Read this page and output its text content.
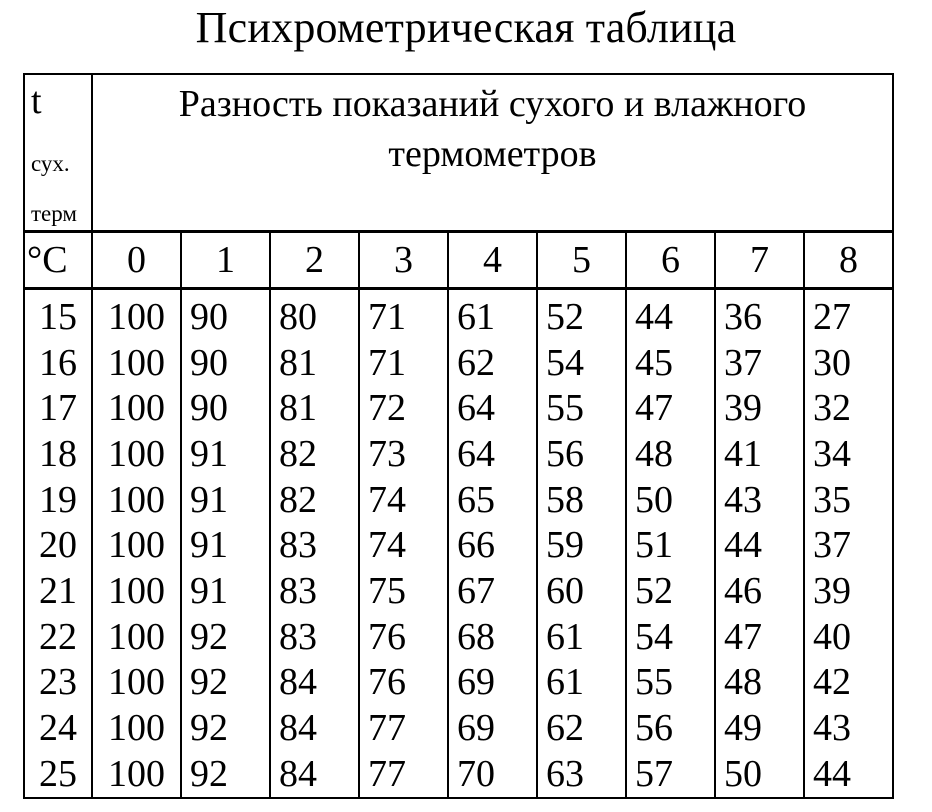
Психрометрическая таблица
t
сух.
терм	Разность показаний сухого и влажного термометров								
°C	0	1	2	3	4	5	6	7	8
15	100	90	80	71	61	52	44	36	27
16	100	90	81	71	62	54	45	37	30
17	100	90	81	72	64	55	47	39	32
18	100	91	82	73	64	56	48	41	34
19	100	91	82	74	65	58	50	43	35
20	100	91	83	74	66	59	51	44	37
21	100	91	83	75	67	60	52	46	39
22	100	92	83	76	68	61	54	47	40
23	100	92	84	76	69	61	55	48	42
24	100	92	84	77	69	62	56	49	43
25	100	92	84	77	70	63	57	50	44
